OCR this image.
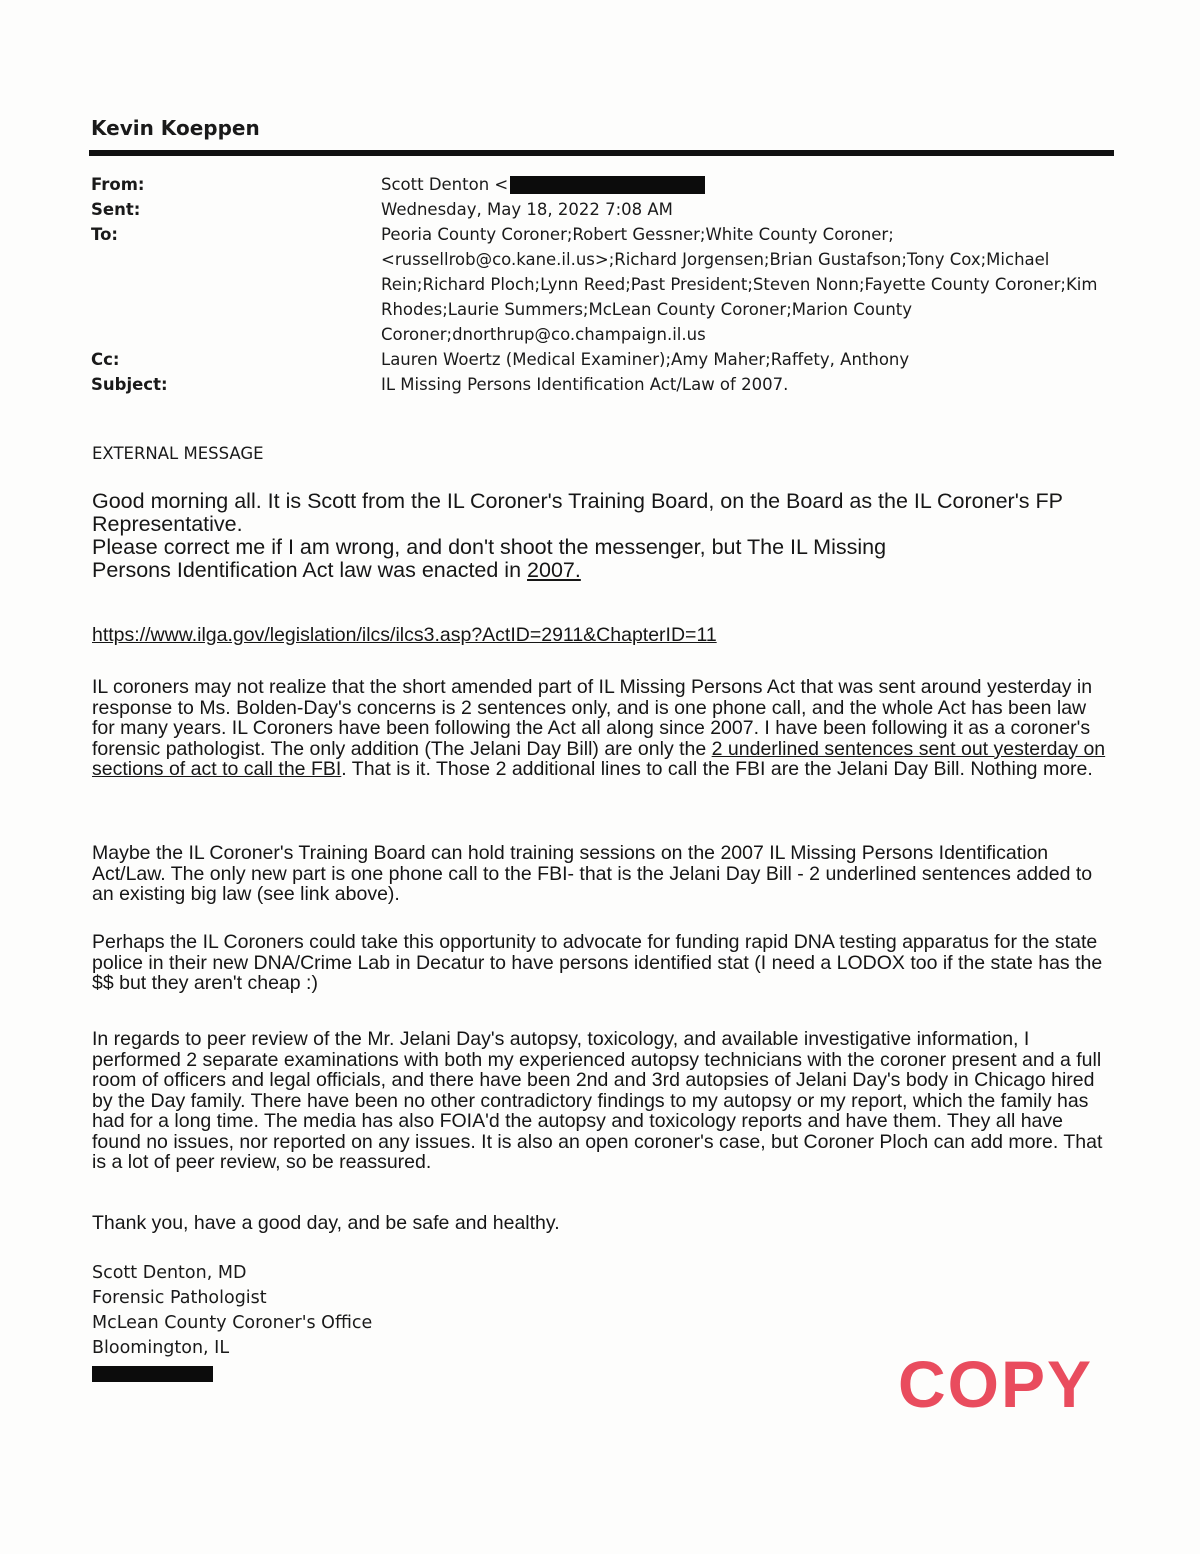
Kevin Koeppen
From:	Scott Denton <
Sent:	Wednesday, May 18, 2022 7:08 AM
To:	Peoria County Coroner;Robert Gessner;White County Coroner;<russellrob@co.kane.il.us>;Richard Jorgensen;Brian Gustafson;Tony Cox;Michael Rein;Richard Ploch;Lynn Reed;Past President;Steven Nonn;Fayette County Coroner;Kim Rhodes;Laurie Summers;McLean County Coroner;Marion County Coroner;dnorthrup@co.champaign.il.us
Cc:	Lauren Woertz (Medical Examiner);Amy Maher;Raffety, Anthony
Subject:	IL Missing Persons Identification Act/Law of 2007.
EXTERNAL MESSAGE

Good morning all. It is Scott from the IL Coroner's Training Board, on the Board as the IL Coroner's FP Representative.

Please correct me if I am wrong, and don't shoot the messenger, but The IL Missing
Persons Identification Act law was enacted in 2007.

https://www.ilga.gov/legislation/ilcs/ilcs3.asp?ActID=2911&ChapterID=11

IL coroners may not realize that the short amended part of IL Missing Persons Act that was sent around yesterday in response to Ms. Bolden-Day's concerns is 2 sentences only, and is one phone call, and the whole Act has been law for many years. IL Coroners have been following the Act all along since 2007. I have been following it as a coroner's forensic pathologist. The only addition (The Jelani Day Bill) are only the 2 underlined sentences sent out yesterday on sections of act to call the FBI. That is it. Those 2 additional lines to call the FBI are the Jelani Day Bill. Nothing more.

Maybe the IL Coroner's Training Board can hold training sessions on the 2007 IL Missing Persons Identification Act/Law. The only new part is one phone call to the FBI- that is the Jelani Day Bill - 2 underlined sentences added to an existing big law (see link above).

Perhaps the IL Coroners could take this opportunity to advocate for funding rapid DNA testing apparatus for the state police in their new DNA/Crime Lab in Decatur to have persons identified stat (I need a LODOX too if the state has the $$ but they aren't cheap :)

In regards to peer review of the Mr. Jelani Day's autopsy, toxicology, and available investigative information, I performed 2 separate examinations with both my experienced autopsy technicians with the coroner present and a full room of officers and legal officials, and there have been 2nd and 3rd autopsies of Jelani Day's body in Chicago hired by the Day family. There have been no other contradictory findings to my autopsy or my report, which the family has had for a long time. The media has also FOIA'd the autopsy and toxicology reports and have them. They all have found no issues, nor reported on any issues. It is also an open coroner's case, but Coroner Ploch can add more. That is a lot of peer review, so be reassured.

Thank you, have a good day, and be safe and healthy.

Scott Denton, MD
Forensic Pathologist
McLean County Coroner's Office
Bloomington, IL	COPY
